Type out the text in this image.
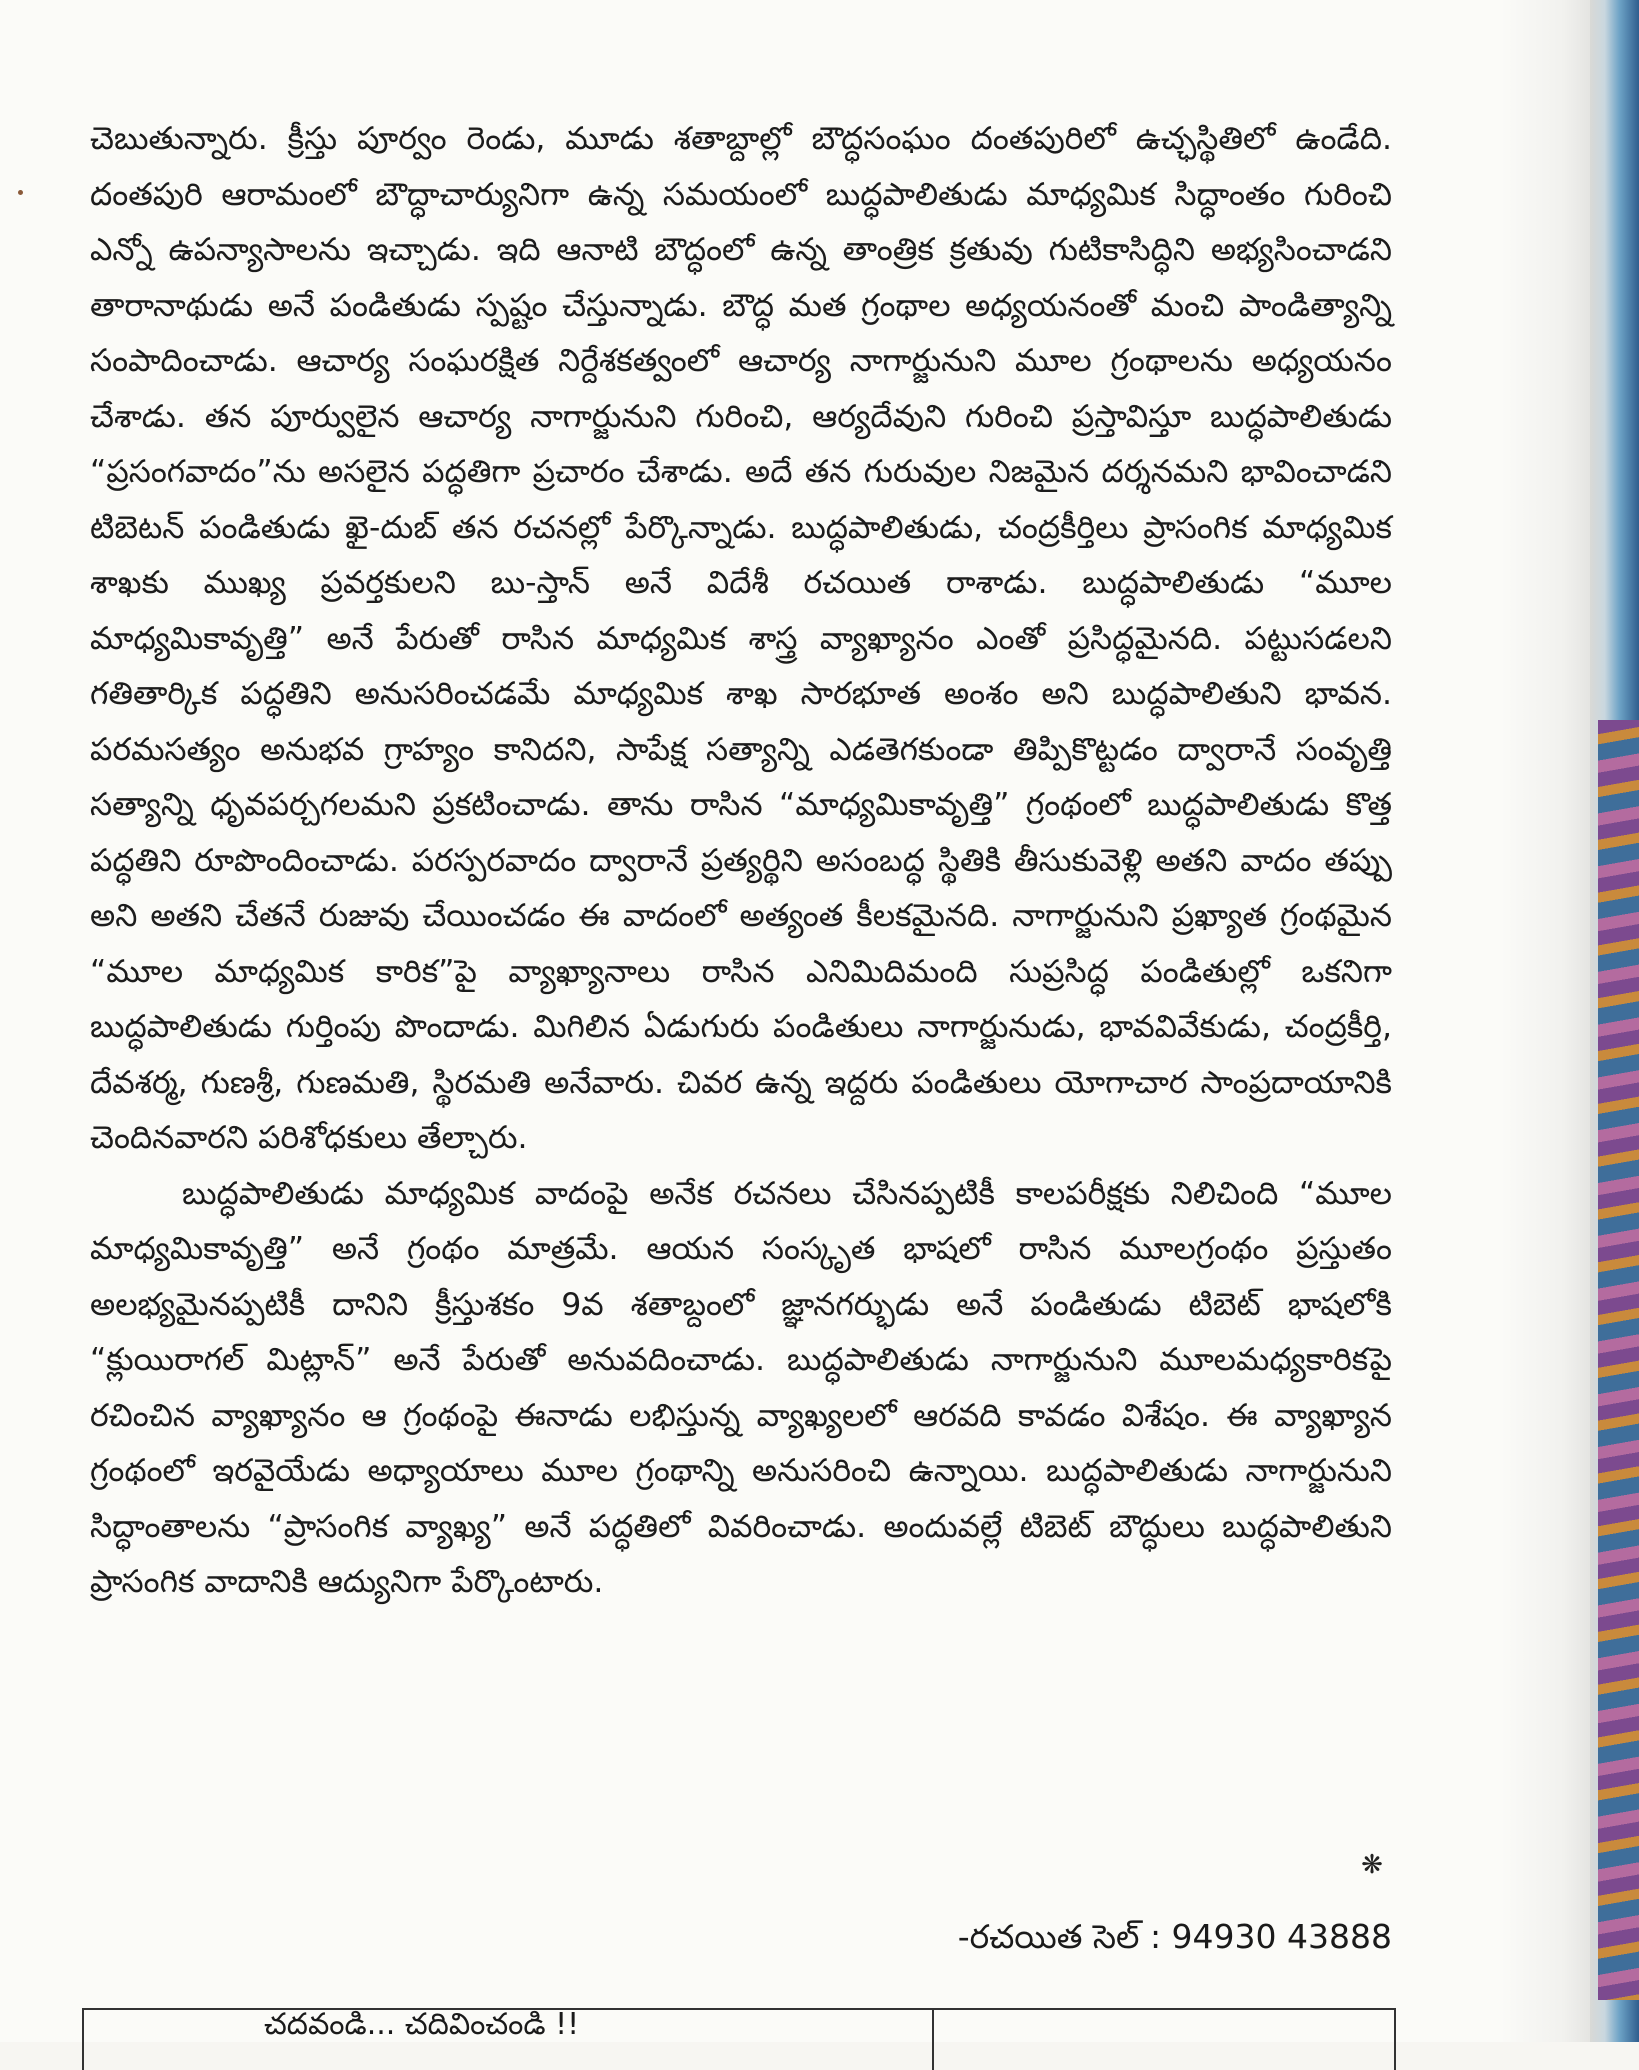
చెబుతున్నారు. క్రీస్తు పూర్వం రెండు, మూడు శతాబ్దాల్లో బౌద్ధసంఘం దంతపురిలో ఉచ్ఛస్థితిలో ఉండేది. దంతపురి ఆరామంలో బౌద్ధాచార్యునిగా ఉన్న సమయంలో బుద్ధపాలితుడు మాధ్యమిక సిద్ధాంతం గురించి ఎన్నో ఉపన్యాసాలను ఇచ్చాడు. ఇది ఆనాటి బౌద్ధంలో ఉన్న తాంత్రిక క్రతువు గుటికాసిద్ధిని అభ్యసించాడని తారానాథుడు అనే పండితుడు స్పష్టం చేస్తున్నాడు. బౌద్ధ మత గ్రంథాల అధ్యయనంతో మంచి పాండిత్యాన్ని సంపాదించాడు. ఆచార్య సంఘరక్షిత నిర్దేశకత్వంలో ఆచార్య నాగార్జునుని మూల గ్రంథాలను అధ్యయనం చేశాడు. తన పూర్వులైన ఆచార్య నాగార్జునుని గురించి, ఆర్యదేవుని గురించి ప్రస్తావిస్తూ బుద్ధపాలితుడు “ప్రసంగవాదం”ను అసలైన పద్ధతిగా ప్రచారం చేశాడు. అదే తన గురువుల నిజమైన దర్శనమని భావించాడని టిబెటన్ పండితుడు ఖై-దుబ్ తన రచనల్లో పేర్కొన్నాడు. బుద్ధపాలితుడు, చంద్రకీర్తిలు ప్రాసంగిక మాధ్యమిక శాఖకు ముఖ్య ప్రవర్తకులని బు-స్తాన్ అనే విదేశీ రచయిత రాశాడు. బుద్ధపాలితుడు “మూల మాధ్యమికావృత్తి” అనే పేరుతో రాసిన మాధ్యమిక శాస్త్ర వ్యాఖ్యానం ఎంతో ప్రసిద్ధమైనది. పట్టుసడలని గతితార్కిక పద్ధతిని అనుసరించడమే మాధ్యమిక శాఖ సారభూత అంశం అని బుద్ధపాలితుని భావన. పరమసత్యం అనుభవ గ్రాహ్యం కానిదని, సాపేక్ష సత్యాన్ని ఎడతెగకుండా తిప్పికొట్టడం ద్వారానే సంవృత్తి సత్యాన్ని ధృవపర్చగలమని ప్రకటించాడు. తాను రాసిన “మాధ్యమికావృత్తి” గ్రంథంలో బుద్ధపాలితుడు కొత్త పద్ధతిని రూపొందించాడు. పరస్పరవాదం ద్వారానే ప్రత్యర్థిని అసంబద్ధ స్థితికి తీసుకువెళ్లి అతని వాదం తప్పు అని అతని చేతనే రుజువు చేయించడం ఈ వాదంలో అత్యంత కీలకమైనది. నాగార్జునుని ప్రఖ్యాత గ్రంథమైన “మూల మాధ్యమిక కారిక”పై వ్యాఖ్యానాలు రాసిన ఎనిమిదిమంది సుప్రసిద్ధ పండితుల్లో ఒకనిగా బుద్ధపాలితుడు గుర్తింపు పొందాడు. మిగిలిన ఏడుగురు పండితులు నాగార్జునుడు, భావవివేకుడు, చంద్రకీర్తి, దేవశర్మ, గుణశ్రీ, గుణమతి, స్థిరమతి అనేవారు. చివర ఉన్న ఇద్దరు పండితులు యోగాచార సాంప్రదాయానికి చెందినవారని పరిశోధకులు తేల్చారు.

బుద్ధపాలితుడు మాధ్యమిక వాదంపై అనేక రచనలు చేసినప్పటికీ కాలపరీక్షకు నిలిచింది “మూల మాధ్యమికావృత్తి” అనే గ్రంథం మాత్రమే. ఆయన సంస్కృత భాషలో రాసిన మూలగ్రంథం ప్రస్తుతం అలభ్యమైనప్పటికీ దానిని క్రీస్తుశకం 9వ శతాబ్దంలో జ్ఞానగర్భుడు అనే పండితుడు టిబెట్ భాషలోకి “క్లుయిరాగల్ మిట్లాన్” అనే పేరుతో అనువదించాడు. బుద్ధపాలితుడు నాగార్జునుని మూలమధ్యకారికపై రచించిన వ్యాఖ్యానం ఆ గ్రంథంపై ఈనాడు లభిస్తున్న వ్యాఖ్యలలో ఆరవది కావడం విశేషం. ఈ వ్యాఖ్యాన గ్రంథంలో ఇరవైయేడు అధ్యాయాలు మూల గ్రంథాన్ని అనుసరించి ఉన్నాయి. బుద్ధపాలితుడు నాగార్జునుని సిద్ధాంతాలను “ప్రాసంగిక వ్యాఖ్య” అనే పద్ధతిలో వివరించాడు. అందువల్లే టిబెట్ బౌద్ధులు బుద్ధపాలితుని ప్రాసంగిక వాదానికి ఆద్యునిగా పేర్కొంటారు.

❋
-రచయిత సెల్ : 94930 43888
చదవండి... చదివించండి !!
